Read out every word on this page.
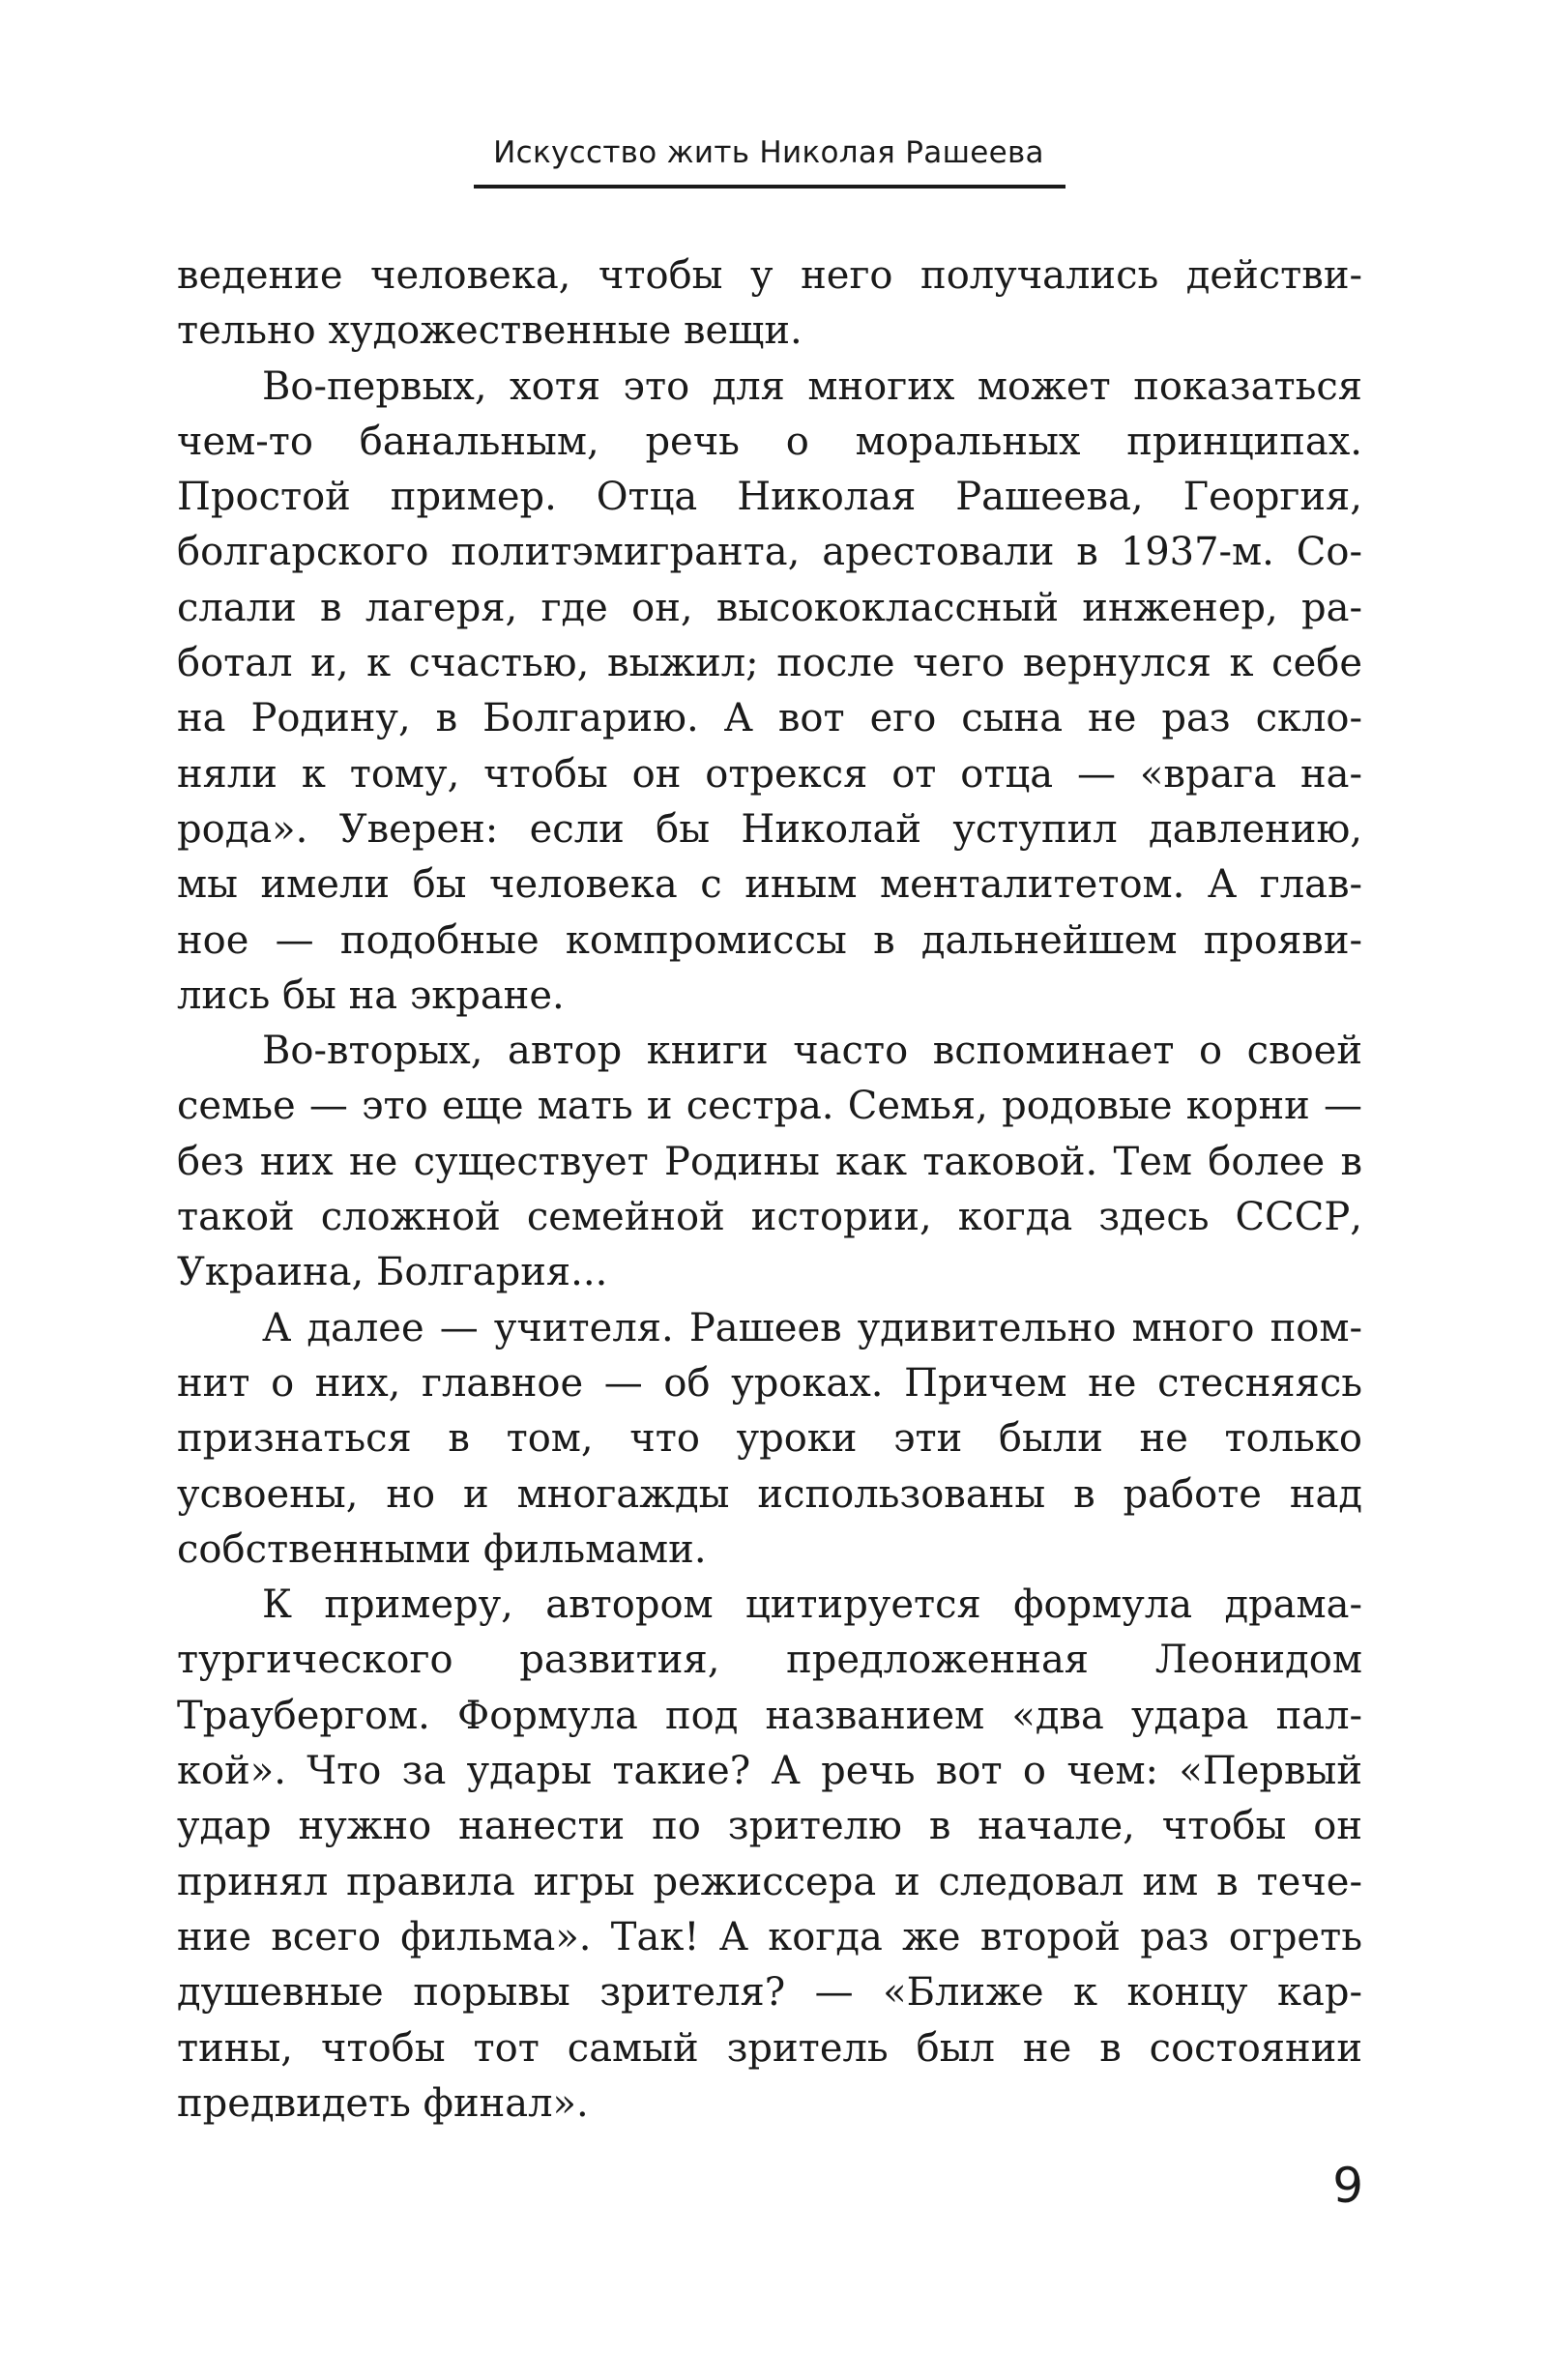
Искусство жить Николая Рашеева
ведение человека, чтобы у него получались действи-
тельно художественные вещи.
Во-первых, хотя это для многих может показаться
чем-то банальным, речь о моральных принципах.
Простой пример. Отца Николая Рашеева, Георгия,
болгарского политэмигранта, арестовали в 1937-м. Со-
слали в лагеря, где он, высококлассный инженер, ра-
ботал и, к счастью, выжил; после чего вернулся к себе
на Родину, в Болгарию. А вот его сына не раз скло-
няли к тому, чтобы он отрекся от отца — «врага на-
рода». Уверен: если бы Николай уступил давлению,
мы имели бы человека с иным менталитетом. А глав-
ное — подобные компромиссы в дальнейшем прояви-
лись бы на экране.
Во-вторых, автор книги часто вспоминает о своей
семье — это еще мать и сестра. Семья, родовые корни —
без них не существует Родины как таковой. Тем более в
такой сложной семейной истории, когда здесь СССР,
Украина, Болгария...
А далее — учителя. Рашеев удивительно много пом-
нит о них, главное — об уроках. Причем не стесняясь
признаться в том, что уроки эти были не только
усвоены, но и многажды использованы в работе над
собственными фильмами.
К примеру, автором цитируется формула драма-
тургического развития, предложенная Леонидом
Траубергом. Формула под названием «два удара пал-
кой». Что за удары такие? А речь вот о чем: «Первый
удар нужно нанести по зрителю в начале, чтобы он
принял правила игры режиссера и следовал им в тече-
ние всего фильма». Так! А когда же второй раз огреть
душевные порывы зрителя? — «Ближе к концу кар-
тины, чтобы тот самый зритель был не в состоянии
предвидеть финал».
9
